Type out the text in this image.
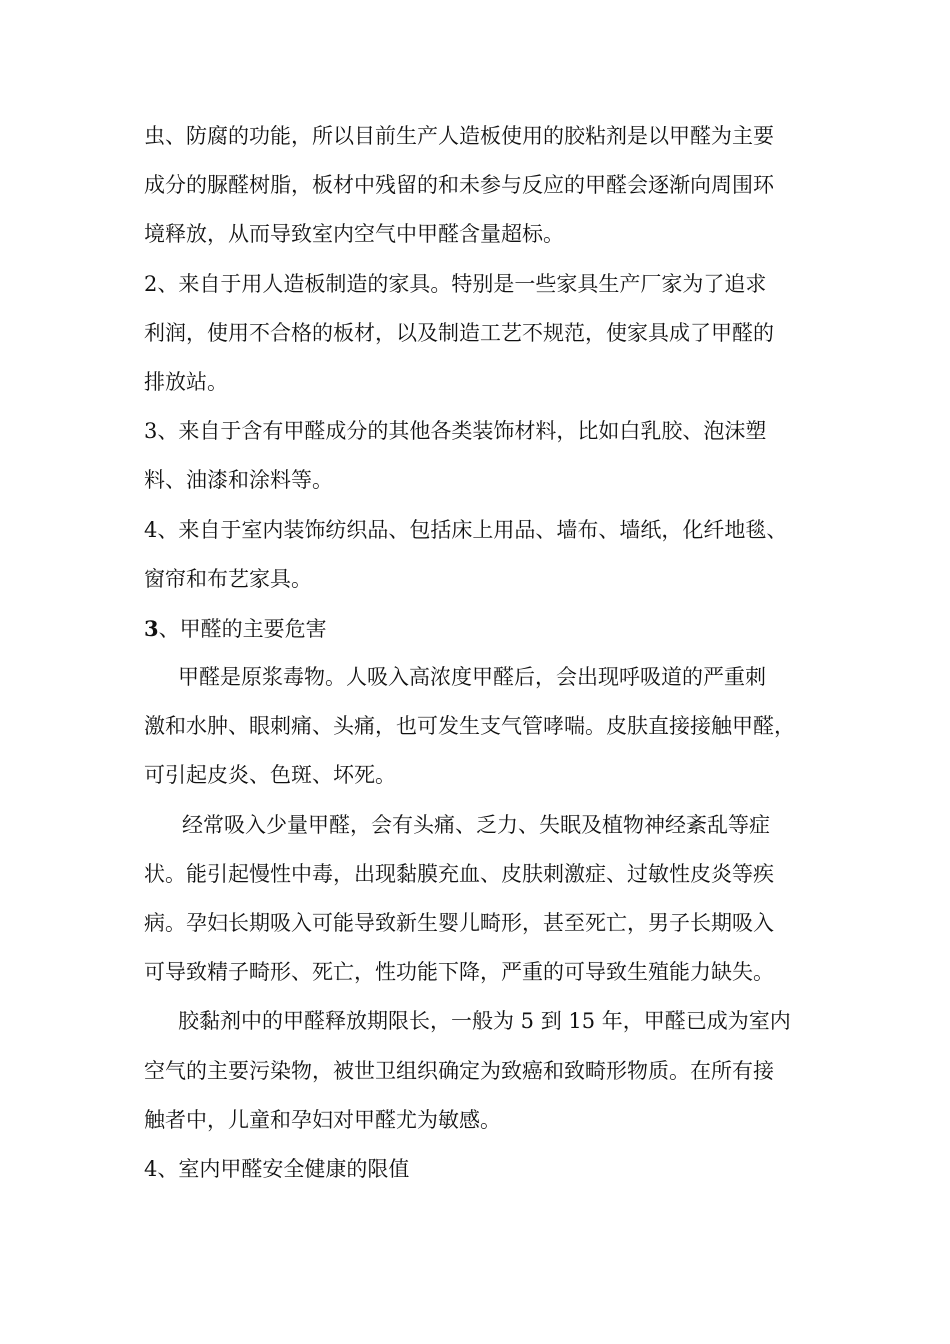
虫、防腐的功能，所以目前生产人造板使用的胶粘剂是以甲醛为主要
成分的脲醛树脂，板材中残留的和未参与反应的甲醛会逐渐向周围环
境释放，从而导致室内空气中甲醛含量超标。
2、来自于用人造板制造的家具。特别是一些家具生产厂家为了追求
利润，使用不合格的板材，以及制造工艺不规范，使家具成了甲醛的
排放站。
3、来自于含有甲醛成分的其他各类装饰材料，比如白乳胶、泡沫塑
料、油漆和涂料等。
4、来自于室内装饰纺织品、包括床上用品、墙布、墙纸，化纤地毯、
窗帘和布艺家具。
3、甲醛的主要危害
甲醛是原浆毒物。人吸入高浓度甲醛后，会出现呼吸道的严重刺
激和水肿、眼刺痛、头痛，也可发生支气管哮喘。皮肤直接接触甲醛，
可引起皮炎、色斑、坏死。
经常吸入少量甲醛，会有头痛、乏力、失眠及植物神经紊乱等症
状。能引起慢性中毒，出现黏膜充血、皮肤刺激症、过敏性皮炎等疾
病。孕妇长期吸入可能导致新生婴儿畸形，甚至死亡，男子长期吸入
可导致精子畸形、死亡，性功能下降，严重的可导致生殖能力缺失。
胶黏剂中的甲醛释放期限长，一般为 5 到 15 年，甲醛已成为室内
空气的主要污染物，被世卫组织确定为致癌和致畸形物质。在所有接
触者中，儿童和孕妇对甲醛尤为敏感。
4、室内甲醛安全健康的限值
